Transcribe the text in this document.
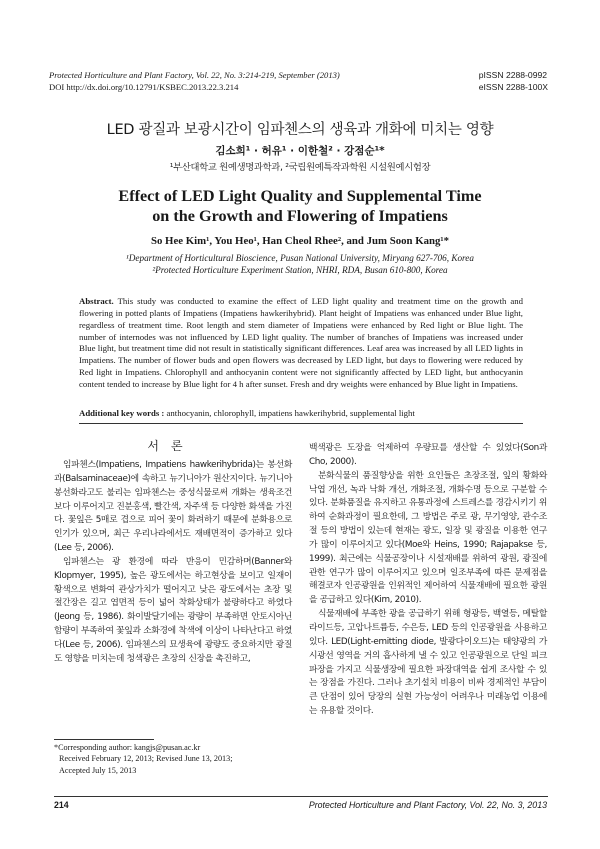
Protected Horticulture and Plant Factory, Vol. 22, No. 3:214-219, September (2013)
DOI http://dx.doi.org/10.12791/KSBEC.2013.22.3.214
pISSN 2288-0992
eISSN 2288-100X
LED 광질과 보광시간이 임파첸스의 생육과 개화에 미치는 영향
김소희¹ · 허유¹ · 이한철² · 강점순¹*
¹부산대학교 원예생명과학과, ²국립원예특작과학원 시설원예시험장
Effect of LED Light Quality and Supplemental Time
on the Growth and Flowering of Impatiens
So Hee Kim¹, You Heo¹, Han Cheol Rhee², and Jum Soon Kang¹*
¹Department of Horticultural Bioscience, Pusan National University, Miryang 627-706, Korea
²Protected Horticulture Experiment Station, NHRI, RDA, Busan 610-800, Korea
Abstract. This study was conducted to examine the effect of LED light quality and treatment time on the growth and flowering in potted plants of Impatiens (Impatiens hawkerihybrid). Plant height of Impatiens was enhanced under Blue light, regardless of treatment time. Root length and stem diameter of Impatiens were enhanced by Red light or Blue light. The number of internodes was not influenced by LED light quality. The number of branches of Impatiens was increased under Blue light, but treatment time did not result in statistically significant differences. Leaf area was increased by all LED lights in Impatiens. The number of flower buds and open flowers was decreased by LED light, but days to flowering were reduced by Red light in Impatiens. Chlorophyll and anthocyanin content were not significantly affected by LED light, but anthocyanin content tended to increase by Blue light for 4 h after sunset. Fresh and dry weights were enhanced by Blue light in Impatiens.
Additional key words : anthocyanin, chlorophyll, impatiens hawkerihybrid, supplemental light
서론

임파첸스(Impatiens, Impatiens hawkerihybrida)는 봉선화과(Balsaminaceae)에 속하고 뉴기니아가 원산지이다. 뉴기니아 봉선화라고도 불리는 임파첸스는 중성식물로써 개화는 생육조건보다 이루어지고 진분홍색, 빨간색, 자주색 등 다양한 화색을 가진다. 꽃잎은 5매로 겹으로 피어 꽃이 화려하기 때문에 분화용으로 인기가 있으며, 최근 우리나라에서도 재배면적이 증가하고 있다(Lee 등, 2006).

임파첸스는 광 환경에 따라 반응이 민감하며(Banner와 Klopmyer, 1995), 높은 광도에서는 하고현상을 보이고 일재이 황색으로 변화여 관상가치가 떨어지고 낮은 광도에서는 초장 및 절간장은 길고 엽면적 등이 넓어 착화상태가 불량하다고 하였다(Jeong 등, 1986). 화이발달기에는 광량이 부족하면 안토시아닌 함량이 부족하여 꽃잎과 소화경에 착색에 이상이 나타난다고 하였다(Lee 등, 2006). 임파첸스의 묘생육에 광량도 중요하지만 광질도 영향을 미치는데 청색광은 초장의 신장을 촉진하고,

백색광은 도장을 억제하여 우량묘를 생산할 수 있었다(Son과 Cho, 2000).

분화식물의 품질향상을 위한 요인들은 초장조절, 잎의 황화와 낙엽 개선, 녹과 낙화 개선, 개화조절, 개화수명 등으로 구분할 수 있다. 분화품질을 유지하고 유통과정에 스트레스를 경감시키기 위하여 순화과정이 필요한데, 그 방법은 주로 광, 무기영양, 관수조절 등의 방법이 있는데 현재는 광도, 일장 및 광질을 이용한 연구가 많이 이루어지고 있다(Moe와 Heins, 1990; Rajapakse 등, 1999). 최근에는 식물공장이나 시설재배를 위하여 광원, 광질에 관한 연구가 많이 이루어지고 있으며 일조부족에 따른 문제점을 해결코자 인공광원을 인위적인 제어하여 식물재배에 필요한 광원을 공급하고 있다(Kim, 2010).

식물재배에 부족한 광을 공급하기 위해 형광등, 백열등, 메탈할라이드등, 고압나트륨등, 수은등, LED 등의 인공광원을 사용하고 있다. LED(Light-emitting diode, 발광다이오드)는 태양광의 가시광선 영역을 거의 흡사하게 낼 수 있고 인공광원으로 단일 피크파장을 가지고 식물생장에 필요한 파장대역을 쉽게 조사할 수 있는 장점을 가진다. 그러나 초기설치 비용이 비싸 경제적인 부담이 큰 단점이 있어 당장의 실현 가능성이 어려우나 미래농업 이용에는 유용할 것이다.

*Corresponding author: kangjs@pusan.ac.kr
Received February 12, 2013; Revised June 13, 2013;
Accepted July 15, 2013
214	Protected Horticulture and Plant Factory, Vol. 22, No. 3, 2013
